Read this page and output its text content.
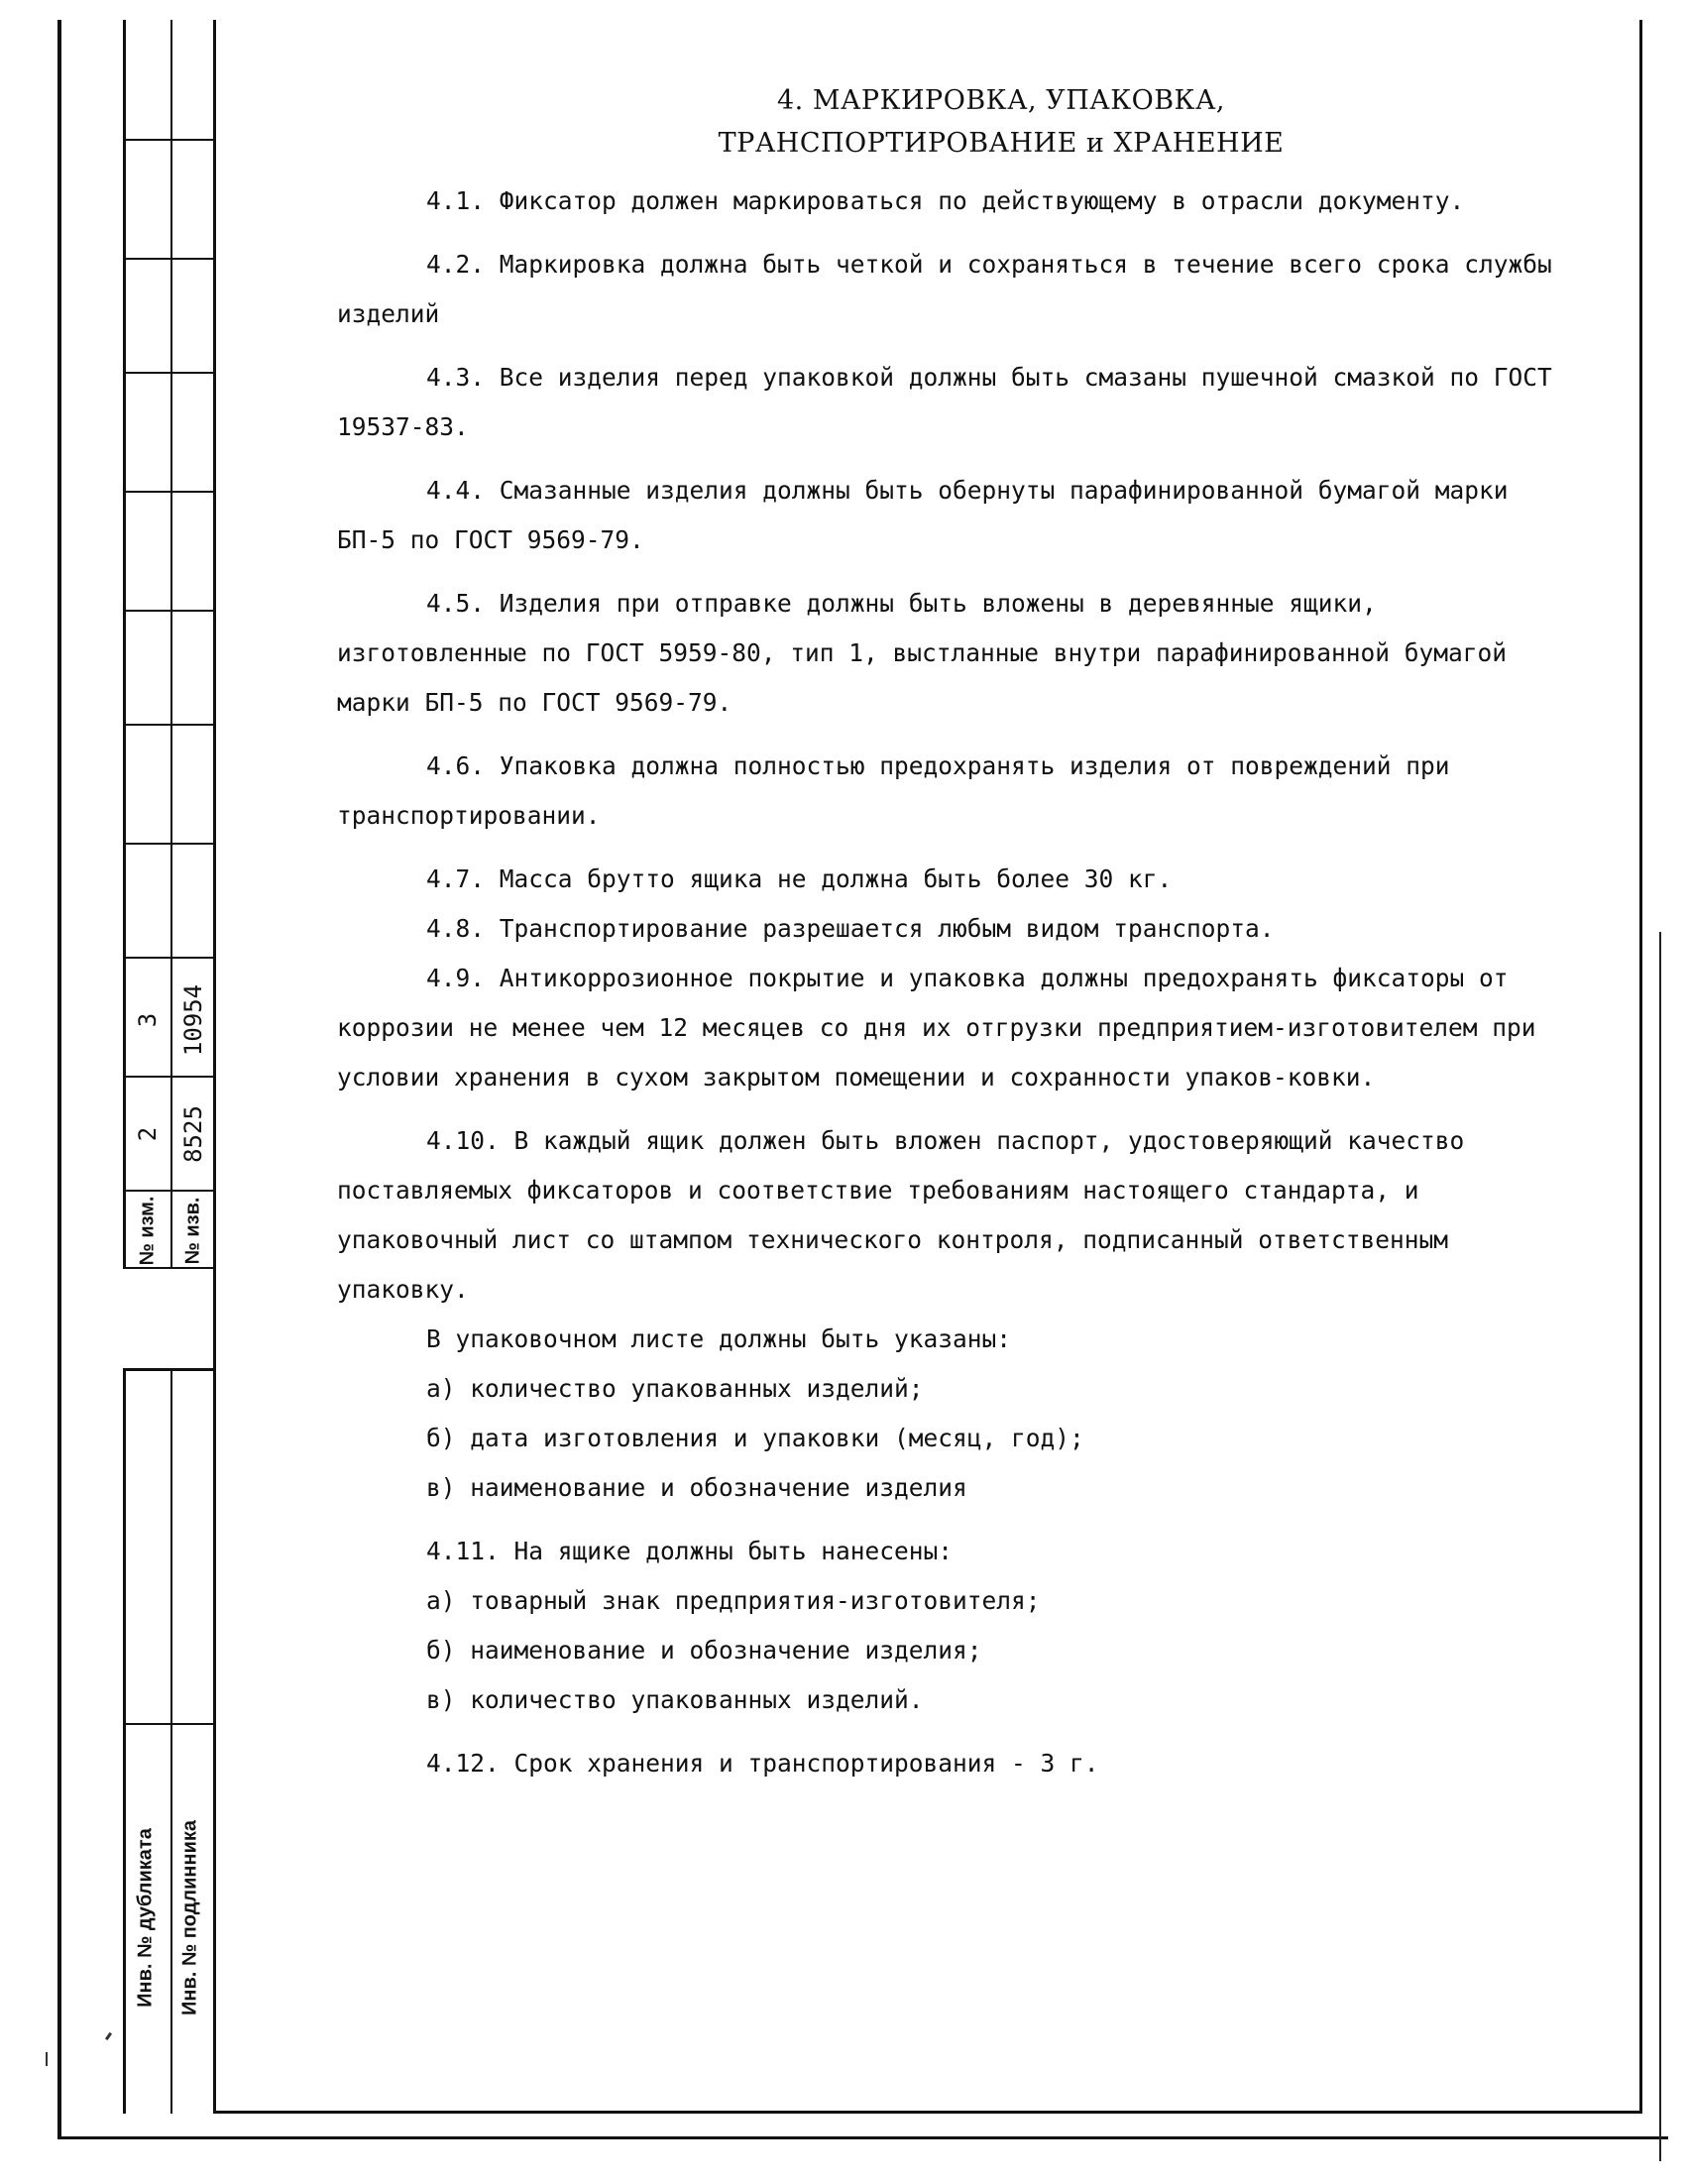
3 10954
2 8525
№ изм. № изв.
Инв. № дубликата Инв. № подлинника
4. МАРКИРОВКА, УПАКОВКА,
ТРАНСПОРТИРОВАНИЕ и ХРАНЕНИЕ

4.1. Фиксатор должен маркироваться по действующему в отрасли документу.

4.2. Маркировка должна быть четкой и сохраняться в течение всего срока службы изделий

4.3. Все изделия перед упаковкой должны быть смазаны пушечной смазкой по ГОСТ 19537-83.

4.4. Смазанные изделия должны быть обернуты парафинированной бумагой марки БП-5 по ГОСТ 9569-79.

4.5. Изделия при отправке должны быть вложены в деревянные ящики, изготовленные по ГОСТ 5959-80, тип 1, выстланные внутри парафинированной бумагой марки БП-5 по ГОСТ 9569-79.

4.6. Упаковка должна полностью предохранять изделия от повреждений при транспортировании.

4.7. Масса брутто ящика не должна быть более 30 кг.

4.8. Транспортирование разрешается любым видом транспорта.

4.9. Антикоррозионное покрытие и упаковка должны предохранять фиксаторы от коррозии не менее чем 12 месяцев со дня их отгрузки предприятием-изготовителем при условии хранения в сухом закрытом помещении и сохранности упаков-ковки.

4.10. В каждый ящик должен быть вложен паспорт, удостоверяющий качество поставляемых фиксаторов и соответствие требованиям настоящего стандарта, и упаковочный лист со штампом технического контроля, подписанный ответственным упаковку.

В упаковочном листе должны быть указаны:

а) количество упакованных изделий;

б) дата изготовления и упаковки (месяц, год);

в) наименование и обозначение изделия

4.11. На ящике должны быть нанесены:

а) товарный знак предприятия-изготовителя;

б) наименование и обозначение изделия;

в) количество упакованных изделий.

4.12. Срок хранения и транспортирования - 3 г.
